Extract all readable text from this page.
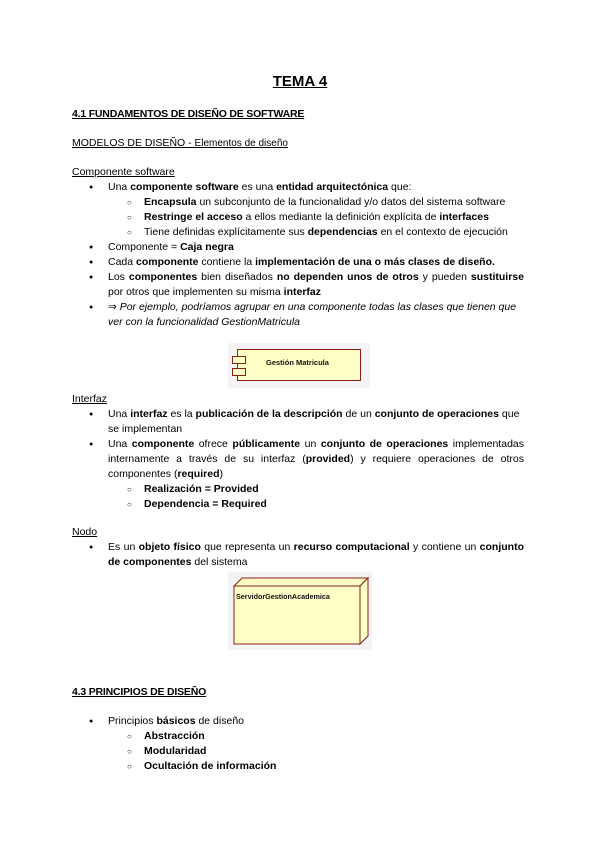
TEMA 4
4.1 FUNDAMENTOS DE DISEÑO DE SOFTWARE
MODELOS DE DISEÑO - Elementos de diseño
Componente software
● Una componente software es una entidad arquitectónica que:
○ Encapsula un subconjunto de la funcionalidad y/o datos del sistema software
○ Restringe el acceso a ellos mediante la definición explícita de interfaces
○ Tiene definidas explícitamente sus dependencias en el contexto de ejecución
● Componente = Caja negra
● Cada componente contiene la implementación de una o más clases de diseño.
● Los componentes bien diseñados no dependen unos de otros y pueden sustituirse por otros que implementen su misma interfaz
● ⇒ Por ejemplo, podríamos agrupar en una componente todas las clases que tienen que ver con la funcionalidad GestionMatricula
Gestión Matricula
Interfaz
● Una interfaz es la publicación de la descripción de un conjunto de operaciones que se implementan
● Una componente ofrece públicamente un conjunto de operaciones implementadas internamente a través de su interfaz (provided) y requiere operaciones de otros componentes (required)
○ Realización = Provided
○ Dependencia = Required
Nodo
● Es un objeto físico que representa un recurso computacional y contiene un conjunto de componentes del sistema
ServidorGestionAcademica
4.3 PRINCIPIOS DE DISEÑO
● Principios básicos de diseño
○ Abstracción
○ Modularidad
○ Ocultación de información
